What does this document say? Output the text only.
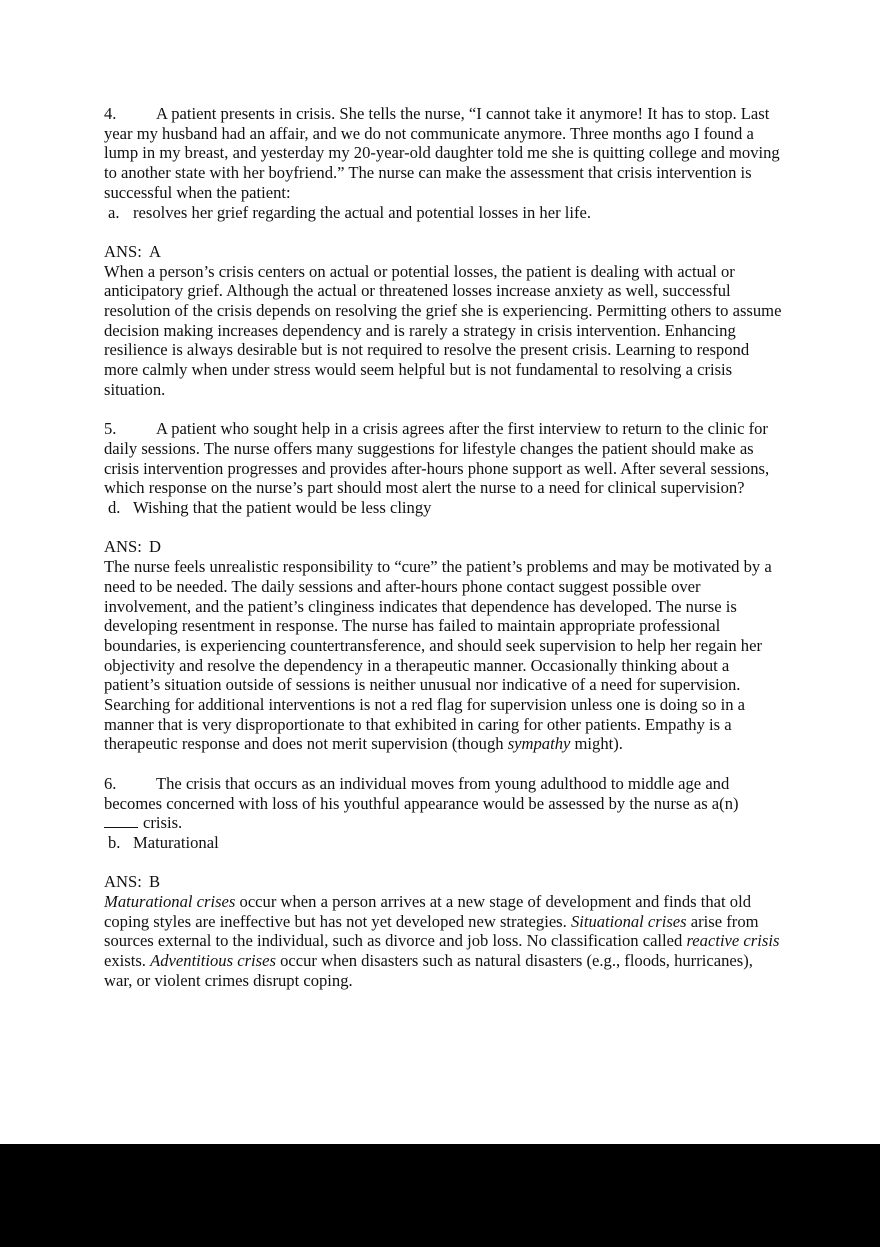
4. A patient presents in crisis. She tells the nurse, “I cannot take it anymore! It has to stop. Last year my husband had an affair, and we do not communicate anymore. Three months ago I found a lump in my breast, and yesterday my 20-year-old daughter told me she is quitting college and moving to another state with her boyfriend.” The nurse can make the assessment that crisis intervention is successful when the patient:

a. resolves her grief regarding the actual and potential losses in her life.

ANS: A

When a person’s crisis centers on actual or potential losses, the patient is dealing with actual or anticipatory grief. Although the actual or threatened losses increase anxiety as well, successful resolution of the crisis depends on resolving the grief she is experiencing. Permitting others to assume decision making increases dependency and is rarely a strategy in crisis intervention. Enhancing resilience is always desirable but is not required to resolve the present crisis. Learning to respond more calmly when under stress would seem helpful but is not fundamental to resolving a crisis situation.

5. A patient who sought help in a crisis agrees after the first interview to return to the clinic for daily sessions. The nurse offers many suggestions for lifestyle changes the patient should make as crisis intervention progresses and provides after-hours phone support as well. After several sessions, which response on the nurse’s part should most alert the nurse to a need for clinical supervision?

d. Wishing that the patient would be less clingy

ANS: D

The nurse feels unrealistic responsibility to “cure” the patient’s problems and may be motivated by a need to be needed. The daily sessions and after-hours phone contact suggest possible over involvement, and the patient’s clinginess indicates that dependence has developed. The nurse is developing resentment in response. The nurse has failed to maintain appropriate professional boundaries, is experiencing countertransference, and should seek supervision to help her regain her objectivity and resolve the dependency in a therapeutic manner. Occasionally thinking about a patient’s situation outside of sessions is neither unusual nor indicative of a need for supervision. Searching for additional interventions is not a red flag for supervision unless one is doing so in a manner that is very disproportionate to that exhibited in caring for other patients. Empathy is a therapeutic response and does not merit supervision (though sympathy might).

6. The crisis that occurs as an individual moves from young adulthood to middle age and becomes concerned with loss of his youthful appearance would be assessed by the nurse as a(n)
crisis.

b. Maturational

ANS: B

Maturational crises occur when a person arrives at a new stage of development and finds that old coping styles are ineffective but has not yet developed new strategies. Situational crises arise from sources external to the individual, such as divorce and job loss. No classification called reactive crisis exists. Adventitious crises occur when disasters such as natural disasters (e.g., floods, hurricanes), war, or violent crimes disrupt coping.
